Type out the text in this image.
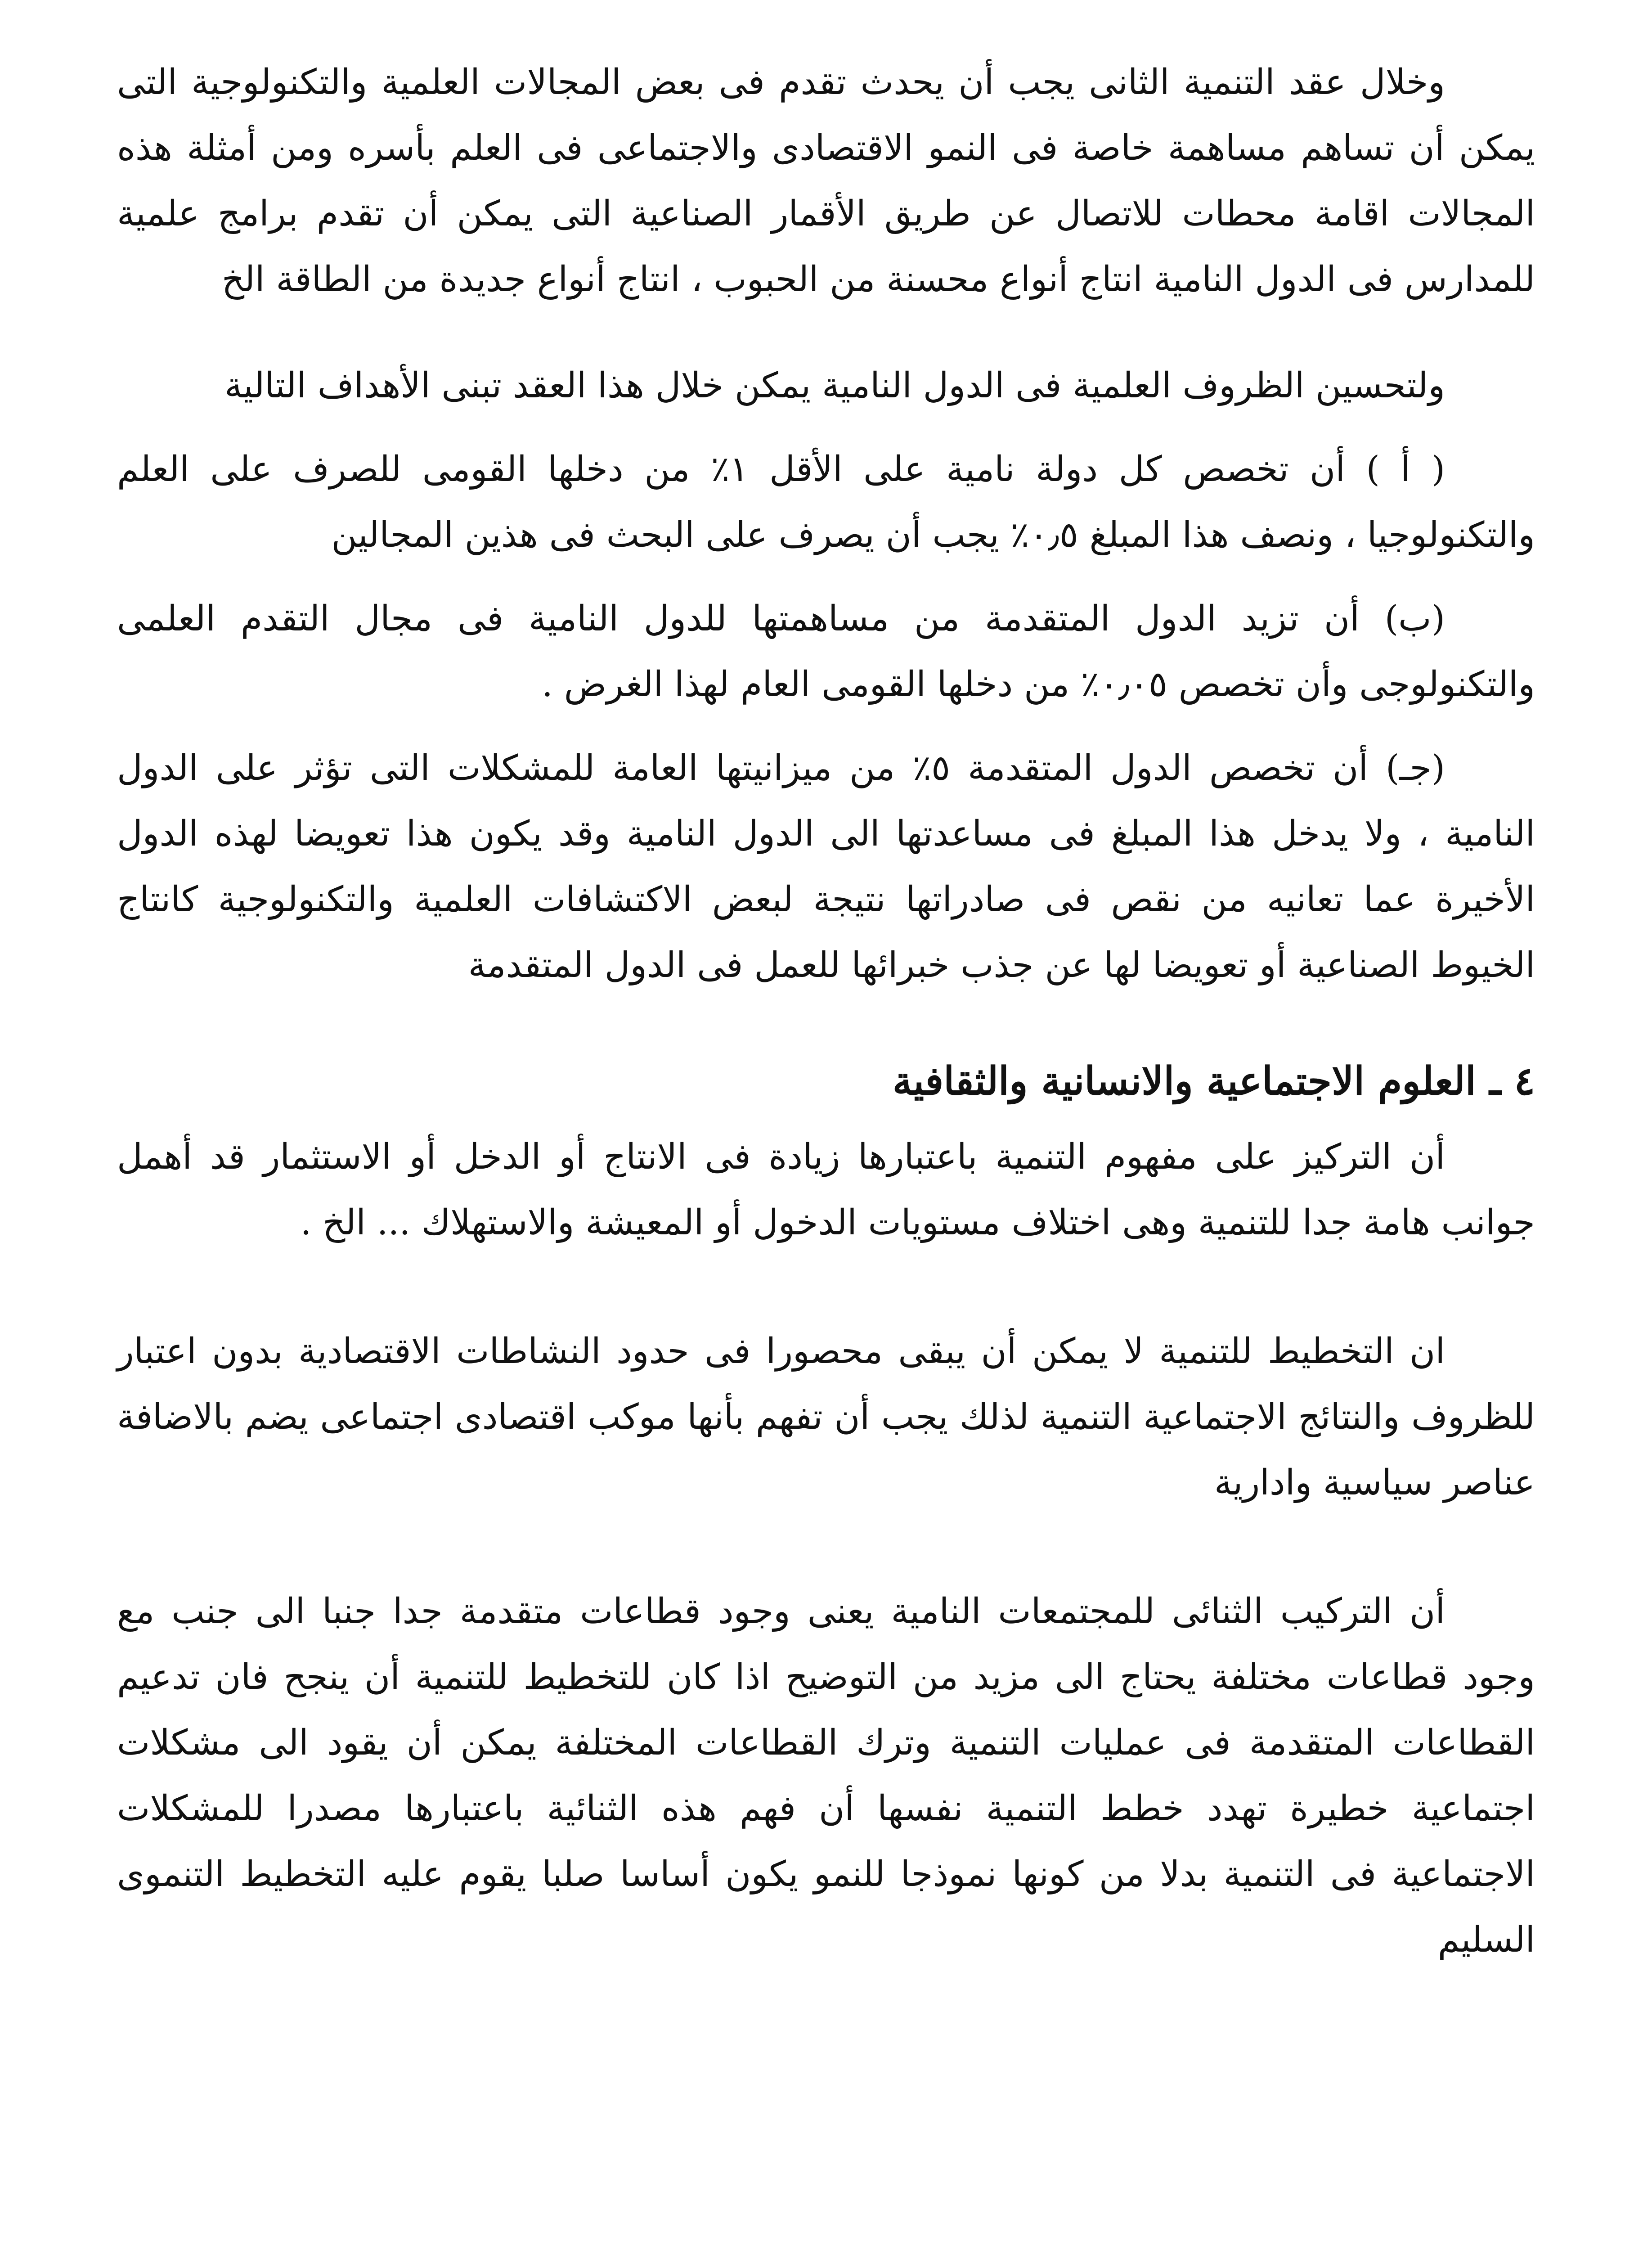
وخلال عقد التنمية الثانى يجب أن يحدث تقدم فى بعض المجالات العلمية والتكنولوجية التى يمكن أن تساهم مساهمة خاصة فى النمو الاقتصادى والاجتماعى فى العلم بأسره ومن أمثلة هذه المجالات اقامة محطات للاتصال عن طريق الأقمار الصناعية التى يمكن أن تقدم برامج علمية للمدارس فى الدول النامية انتاج أنواع محسنة من الحبوب ، انتاج أنواع جديدة من الطاقة الخ

ولتحسين الظروف العلمية فى الدول النامية يمكن خلال هذا العقد تبنى الأهداف التالية

( أ ) أن تخصص كل دولة نامية على الأقل ١٪ من دخلها القومى للصرف على العلم والتكنولوجيا ، ونصف هذا المبلغ ٠٫٥٪ يجب أن يصرف على البحث فى هذين المجالين

(ب) أن تزيد الدول المتقدمة من مساهمتها للدول النامية فى مجال التقدم العلمى والتكنولوجى وأن تخصص ٠٫٠٥٪ من دخلها القومى العام لهذا الغرض .

(جـ) أن تخصص الدول المتقدمة ٥٪ من ميزانيتها العامة للمشكلات التى تؤثر على الدول النامية ، ولا يدخل هذا المبلغ فى مساعدتها الى الدول النامية وقد يكون هذا تعويضا لهذه الدول الأخيرة عما تعانيه من نقص فى صادراتها نتيجة لبعض الاكتشافات العلمية والتكنولوجية كانتاج الخيوط الصناعية أو تعويضا لها عن جذب خبرائها للعمل فى الدول المتقدمة

٤ ـ العلوم الاجتماعية والانسانية والثقافية

أن التركيز على مفهوم التنمية باعتبارها زيادة فى الانتاج أو الدخل أو الاستثمار قد أهمل جوانب هامة جدا للتنمية وهى اختلاف مستويات الدخول أو المعيشة والاستهلاك ... الخ .

ان التخطيط للتنمية لا يمكن أن يبقى محصورا فى حدود النشاطات الاقتصادية بدون اعتبار للظروف والنتائج الاجتماعية التنمية لذلك يجب أن تفهم بأنها موكب اقتصادى اجتماعى يضم بالاضافة عناصر سياسية وادارية

أن التركيب الثنائى للمجتمعات النامية يعنى وجود قطاعات متقدمة جدا جنبا الى جنب مع وجود قطاعات مختلفة يحتاج الى مزيد من التوضيح اذا كان للتخطيط للتنمية أن ينجح فان تدعيم القطاعات المتقدمة فى عمليات التنمية وترك القطاعات المختلفة يمكن أن يقود الى مشكلات اجتماعية خطيرة تهدد خطط التنمية نفسها أن فهم هذه الثنائية باعتبارها مصدرا للمشكلات الاجتماعية فى التنمية بدلا من كونها نموذجا للنمو يكون أساسا صلبا يقوم عليه التخطيط التنموى السليم
